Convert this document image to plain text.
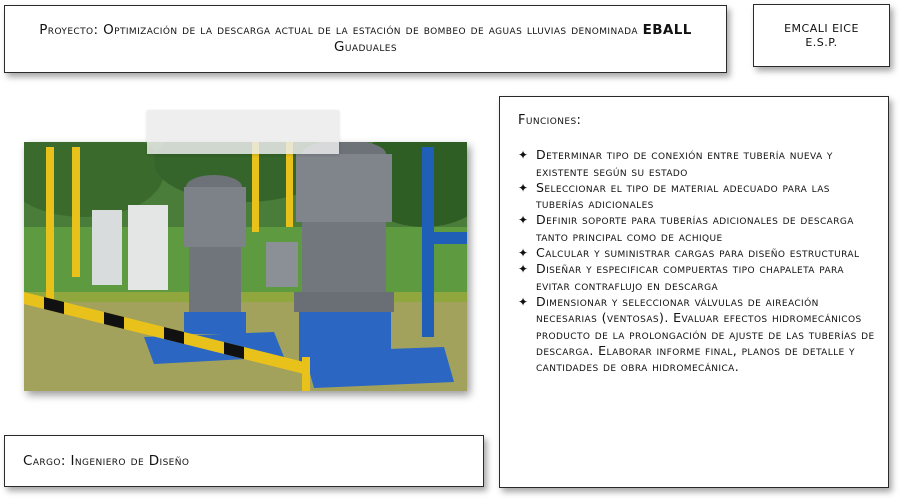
Proyecto: Optimización de la descarga actual de la estación de bombeo de aguas lluvias denominada EBALL Guaduales
EMCALI EICE
E.S.P.
Cargo: Ingeniero de Diseño
Funciones:
✦ Determinar tipo de conexión entre tubería nueva y existente según su estado
✦ Seleccionar el tipo de material adecuado para las tuberías adicionales
✦ Definir soporte para tuberías adicionales de descarga tanto principal como de achique
✦ Calcular y suministrar cargas para diseño estructural
✦ Diseñar y especificar compuertas tipo chapaleta para evitar contraflujo en descarga
✦ Dimensionar y seleccionar válvulas de aireación necesarias (ventosas). Evaluar efectos hidromecánicos producto de la prolongación de ajuste de las tuberías de descarga. Elaborar informe final, planos de detalle y cantidades de obra hidromecánica.
